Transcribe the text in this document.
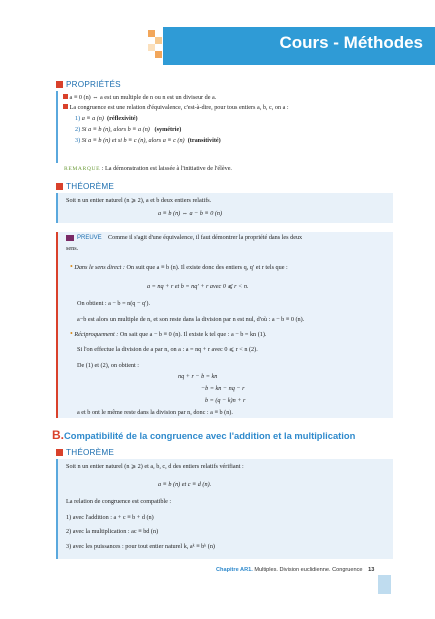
Cours - Méthodes
PROPRIÉTÉS
a ≡ 0 (n) ⇔ a est un multiple de n ou n est un diviseur de a.
La congruence est une relation d'équivalence, c'est-à-dire, pour tous entiers a, b, c, on a :
1) a ≡ a (n) (réflexivité)
2) Si a ≡ b (n), alors b ≡ a (n) (symétrie)
3) Si a ≡ b (n) et si b ≡ c (n), alors a ≡ c (n) (transitivité)
REMARQUE : La démonstration est laissée à l'initiative de l'élève.
THÉORÈME
Soit n un entier naturel (n ⩾ 2), a et b deux entiers relatifs.
a ≡ b (n) ⇔ a − b ≡ 0 (n)
PREUVE Comme il s'agit d'une équivalence, il faut démontrer la propriété dans les deux
sens.
• Dans le sens direct : On suit que a ≡ b (n). Il existe donc des entiers q, q′ et r tels que :
a = nq + r et b = nq′ + r avec 0 ⩽ r < n.
On obtient : a − b = n(q − q′).
a−b est alors un multiple de n, et son reste dans la division par n est nul, d'où : a − b ≡ 0 (n).
• Réciproquement : On sait que a − b ≡ 0 (n). Il existe k tel que : a − b = kn (1).
Si l'on effectue la division de a par n, on a : a = nq + r avec 0 ⩽ r < n (2).
De (1) et (2), on obtient :
nq + r − b = kn
−b = kn − nq − r
b = (q − k)n + r
a et b ont le même reste dans la division par n, donc : a ≡ b (n).
B. Compatibilité de la congruence avec l'addition et la multiplication
THÉORÈME
Soit n un entier naturel (n ⩾ 2) et a, b, c, d des entiers relatifs vérifiant :
a ≡ b (n) et c ≡ d (n).
La relation de congruence est compatible :
1) avec l'addition : a + c ≡ b + d (n)
2) avec la multiplication : ac ≡ bd (n)
3) avec les puissances : pour tout entier naturel k, aᵏ ≡ bᵏ (n)
Chapitre AR1. Multiples. Division euclidienne. Congruence 13
